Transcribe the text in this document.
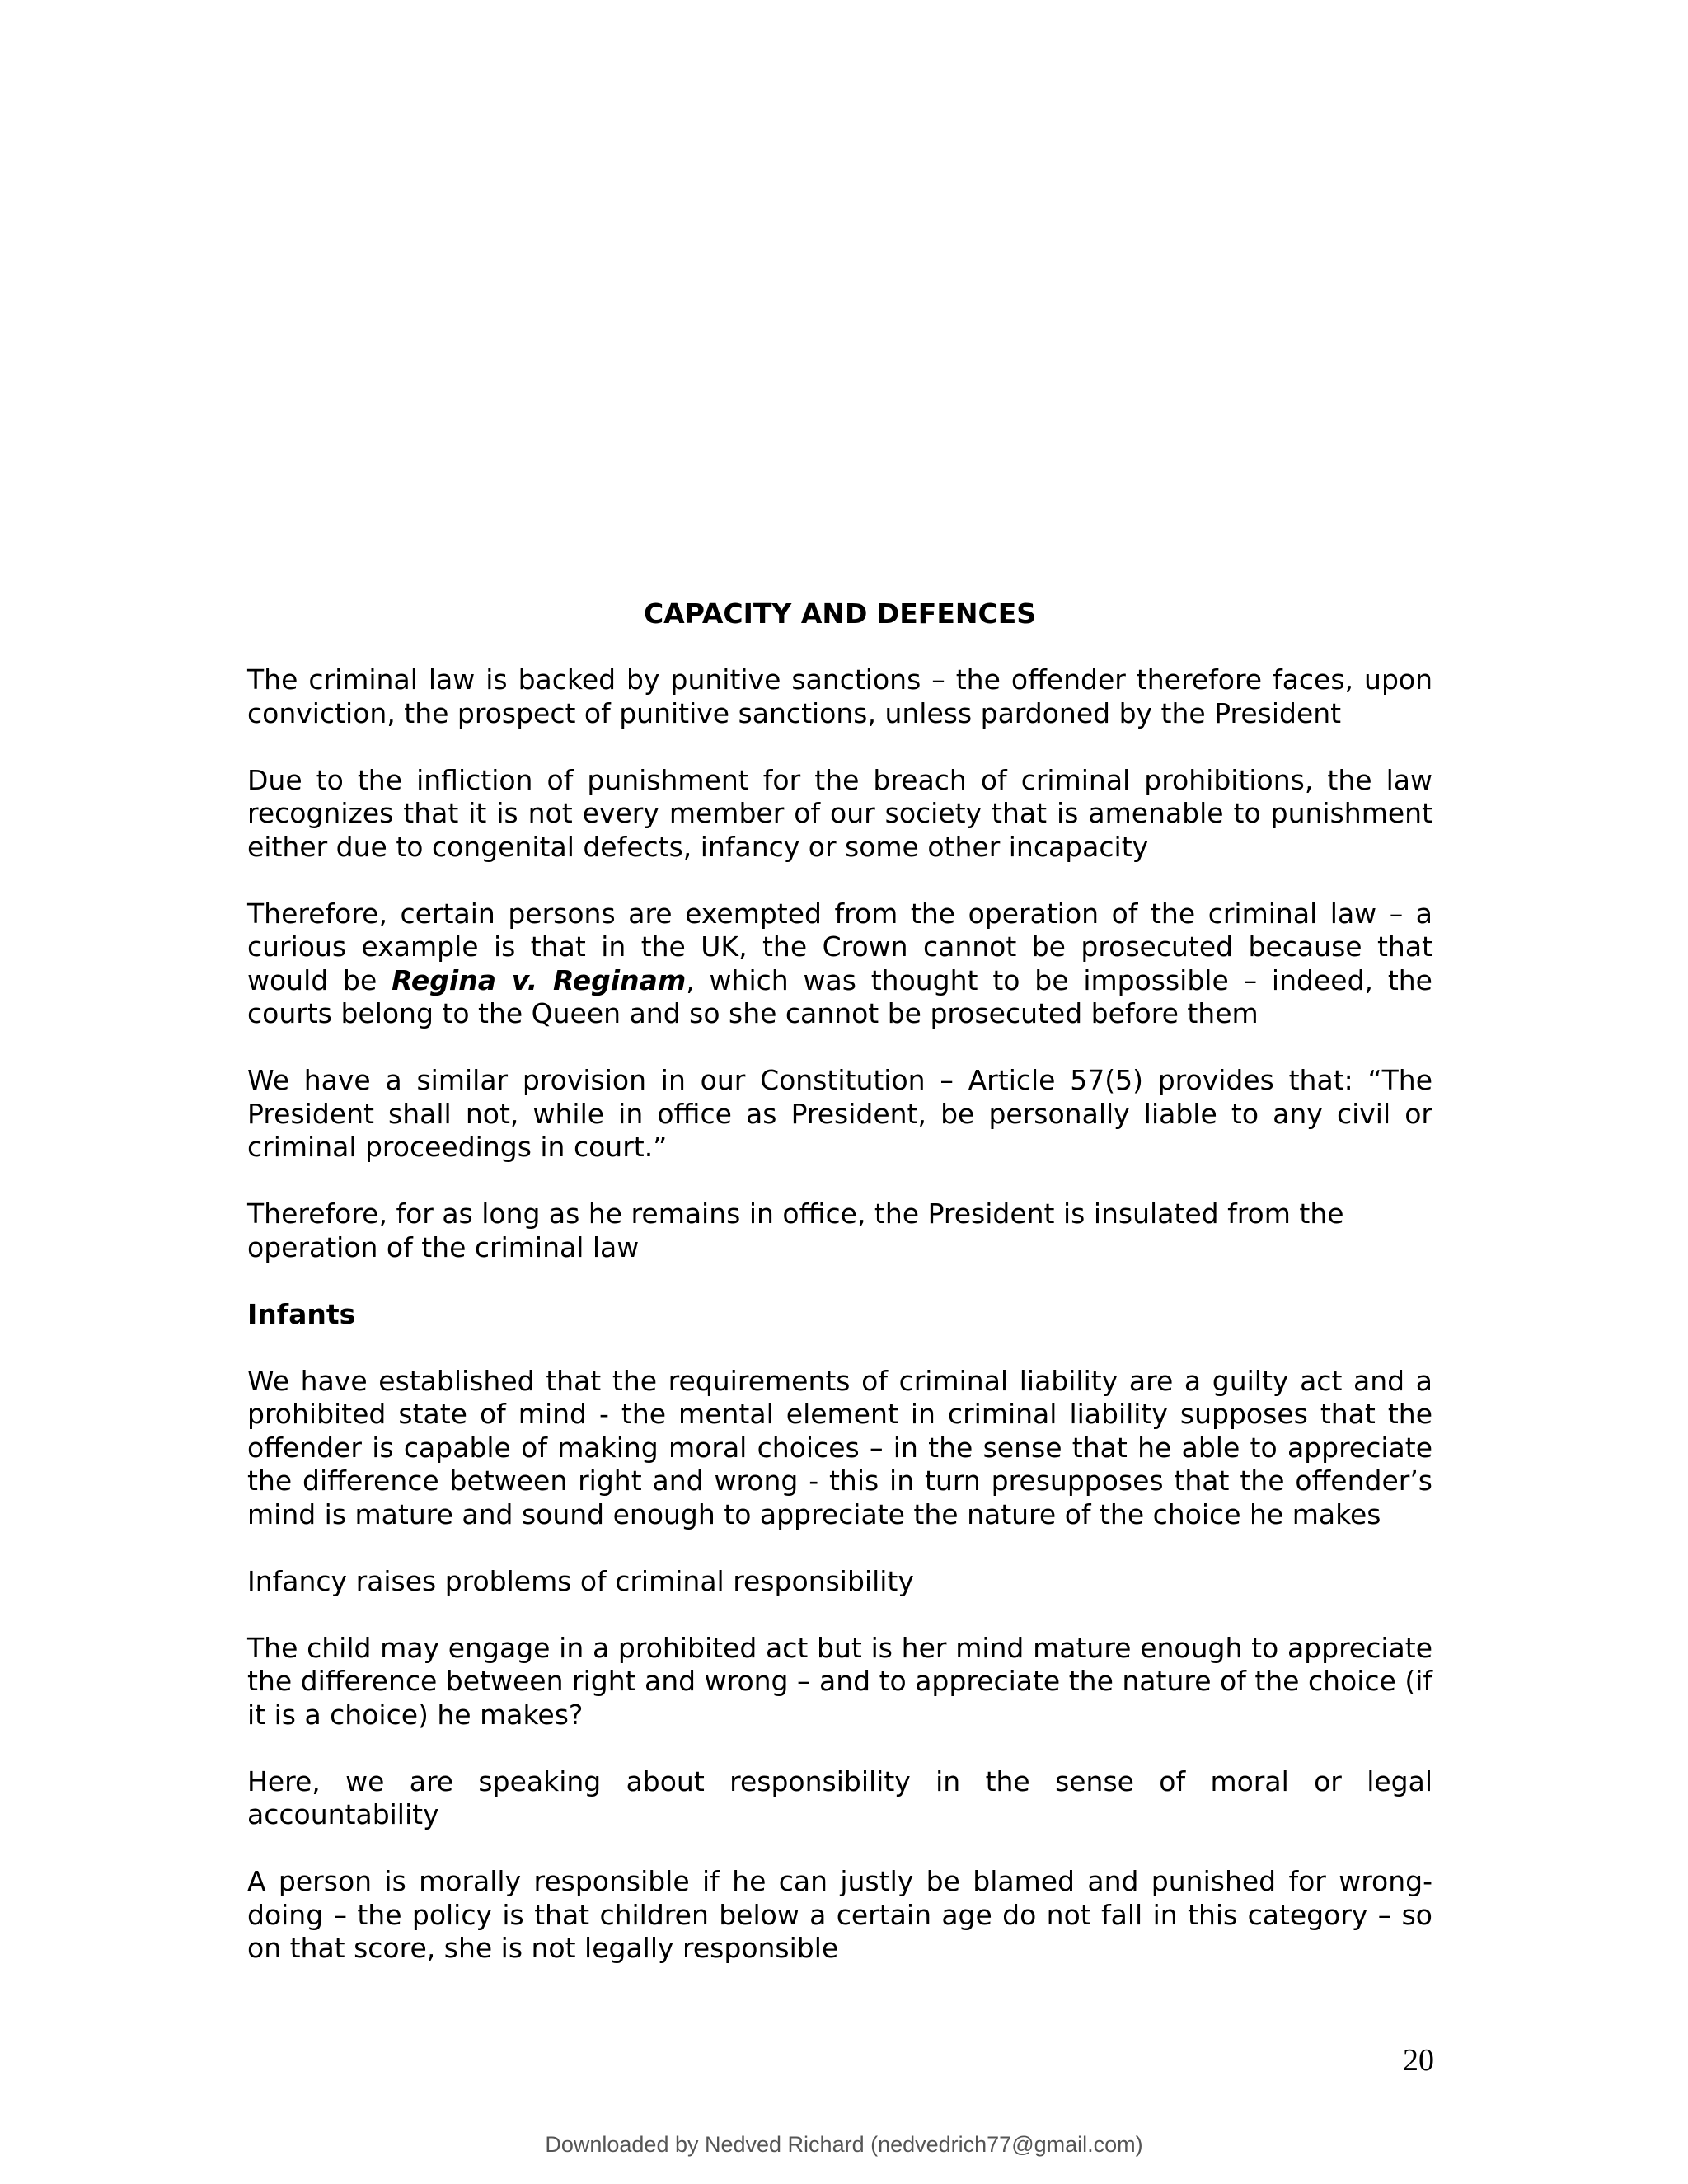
CAPACITY AND DEFENCES

The criminal law is backed by punitive sanctions – the offender therefore faces, upon conviction, the prospect of punitive sanctions, unless pardoned by the President

Due to the infliction of punishment for the breach of criminal prohibitions, the law recognizes that it is not every member of our society that is amenable to punishment either due to congenital defects, infancy or some other incapacity

Therefore, certain persons are exempted from the operation of the criminal law – a curious example is that in the UK, the Crown cannot be prosecuted because that would be Regina v. Reginam, which was thought to be impossible – indeed, the courts belong to the Queen and so she cannot be prosecuted before them

We have a similar provision in our Constitution – Article 57(5) provides that: “The President shall not, while in office as President, be personally liable to any civil or criminal proceedings in court.”

Therefore, for as long as he remains in office, the President is insulated from the operation of the criminal law

Infants

We have established that the requirements of criminal liability are a guilty act and a prohibited state of mind - the mental element in criminal liability supposes that the offender is capable of making moral choices – in the sense that he able to appreciate the difference between right and wrong - this in turn presupposes that the offender’s mind is mature and sound enough to appreciate the nature of the choice he makes

Infancy raises problems of criminal responsibility

The child may engage in a prohibited act but is her mind mature enough to appreciate the difference between right and wrong – and to appreciate the nature of the choice (if it is a choice) he makes?

Here, we are speaking about responsibility in the sense of moral or legal accountability

A person is morally responsible if he can justly be blamed and punished for wrong-doing – the policy is that children below a certain age do not fall in this category – so on that score, she is not legally responsible

20
Downloaded by Nedved Richard (nedvedrich77@gmail.com)
